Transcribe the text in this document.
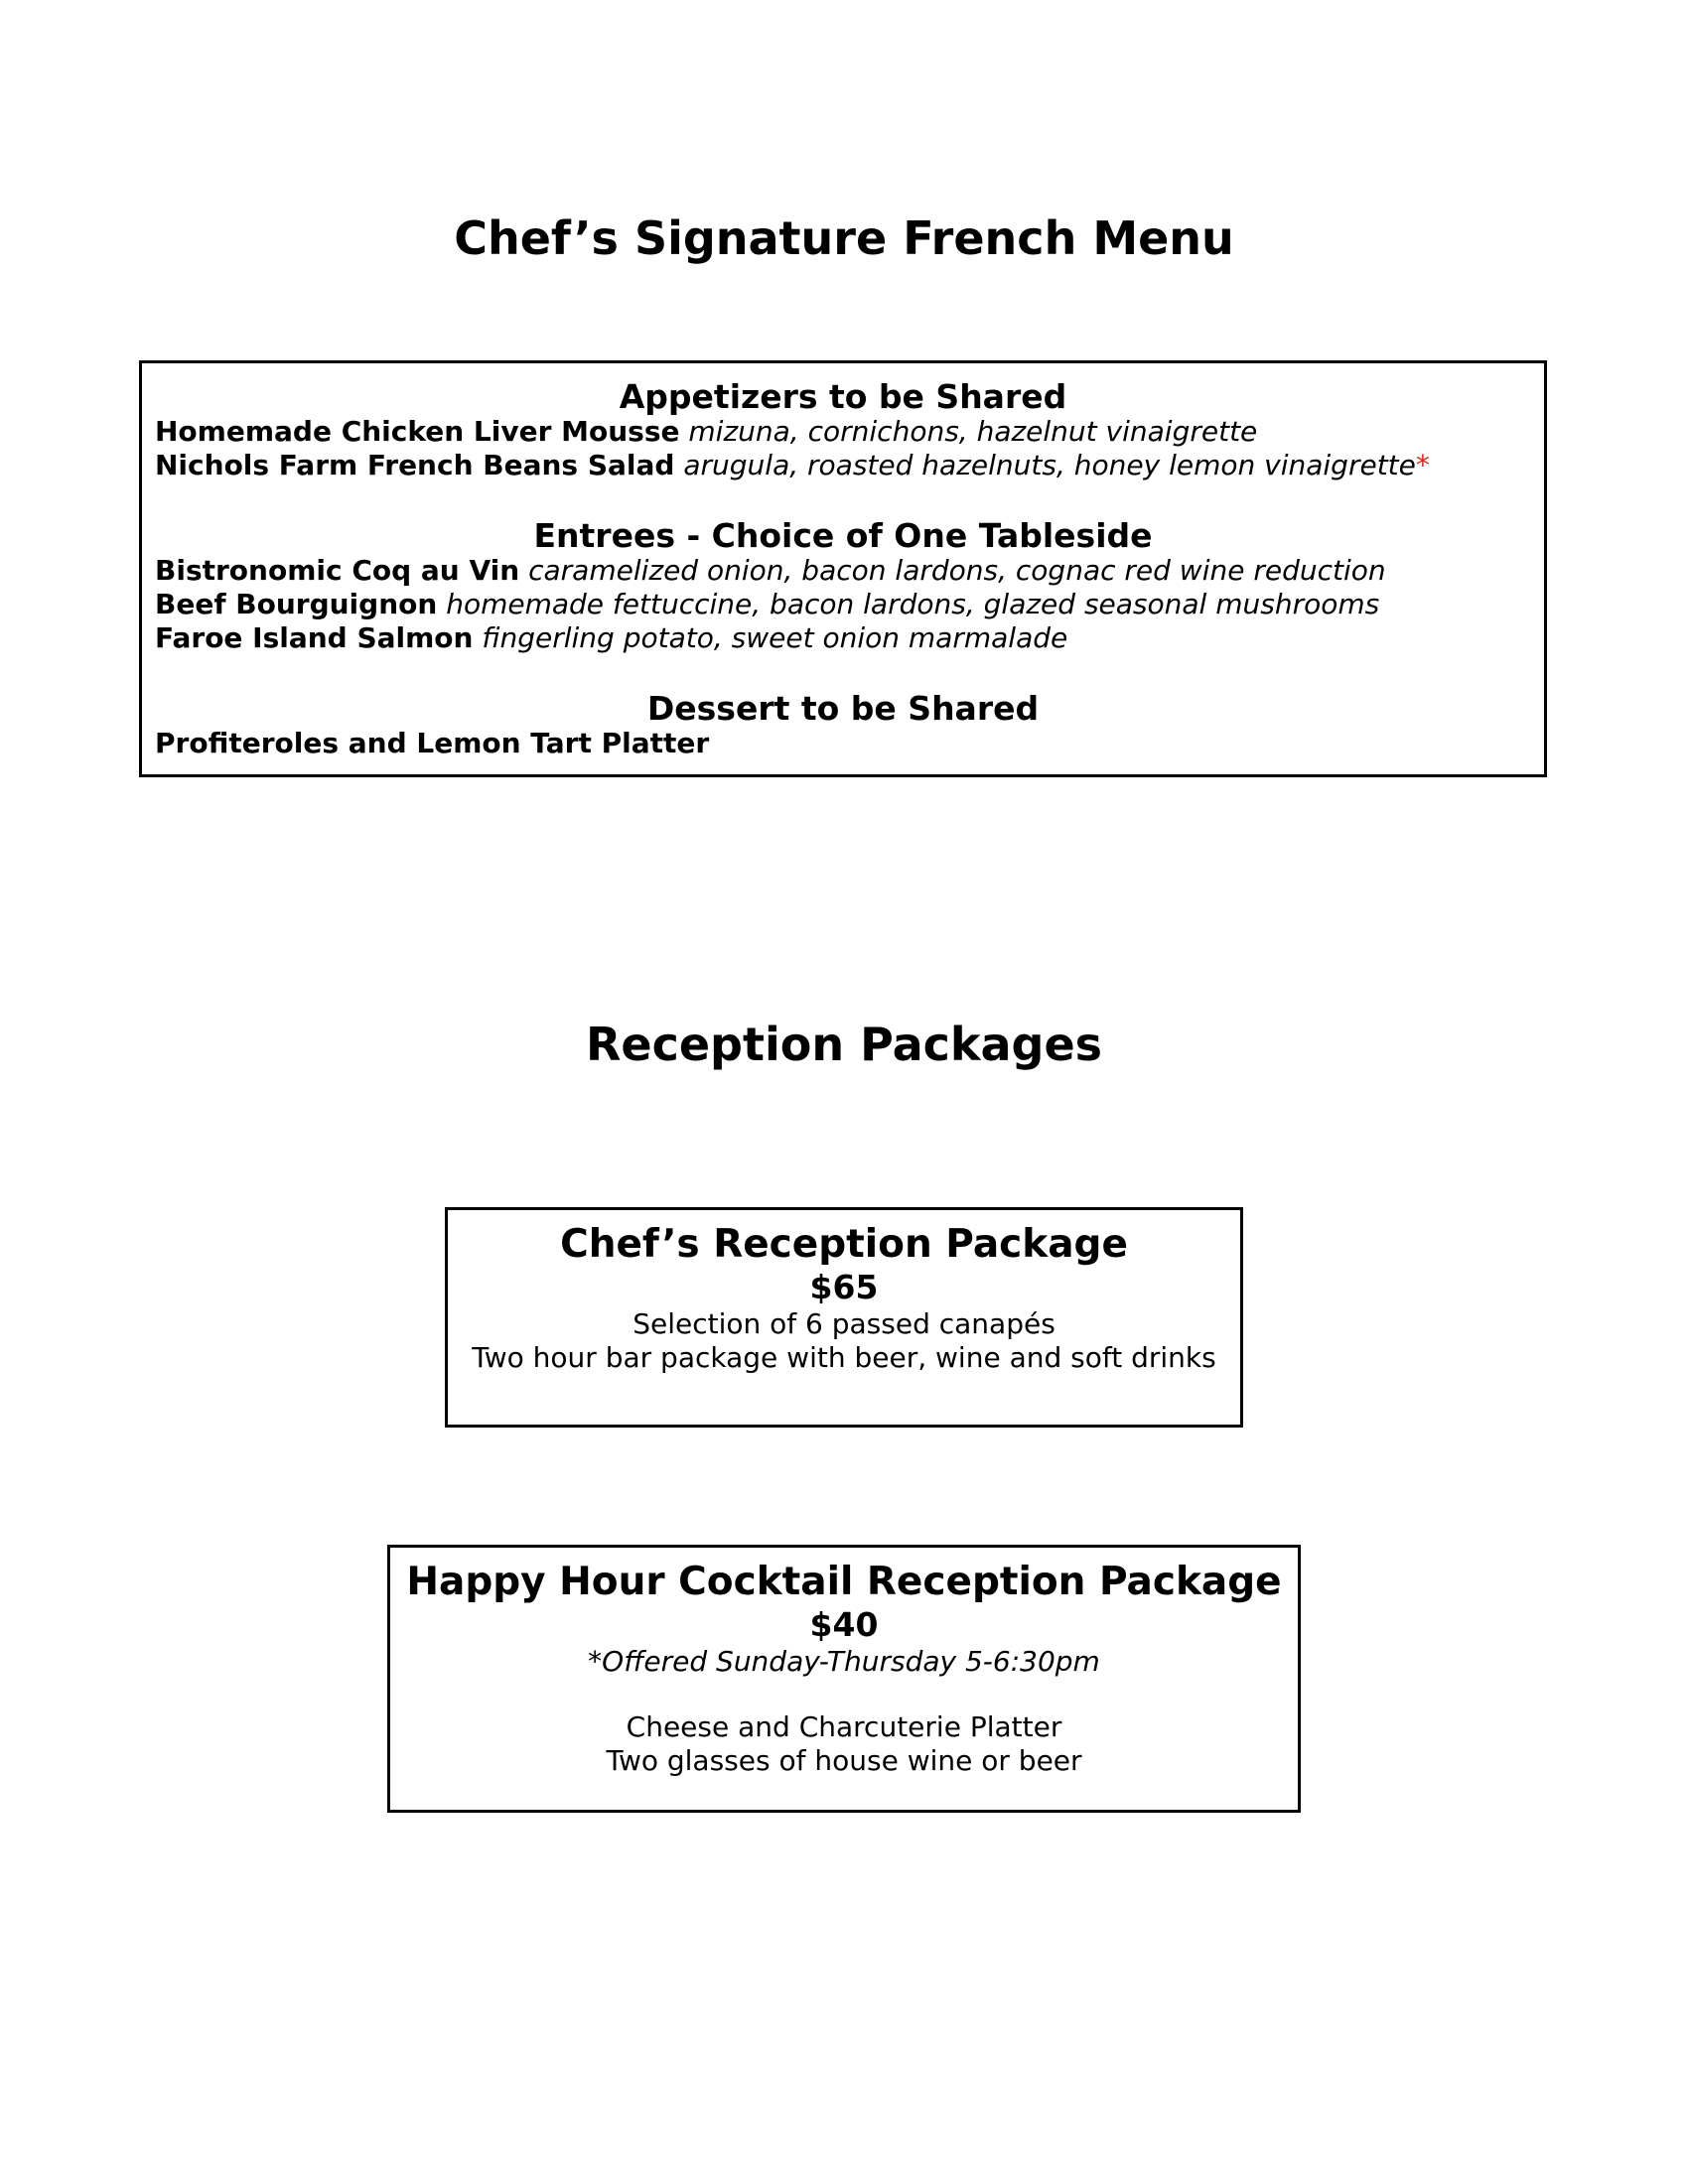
Chef’s Signature French Menu
Appetizers to be Shared
Homemade Chicken Liver Mousse mizuna, cornichons, hazelnut vinaigrette
Nichols Farm French Beans Salad arugula, roasted hazelnuts, honey lemon vinaigrette*
Entrees - Choice of One Tableside
Bistronomic Coq au Vin caramelized onion, bacon lardons, cognac red wine reduction
Beef Bourguignon homemade fettuccine, bacon lardons, glazed seasonal mushrooms
Faroe Island Salmon fingerling potato, sweet onion marmalade
Dessert to be Shared
Profiteroles and Lemon Tart Platter
Reception Packages
Chef’s Reception Package
$65
Selection of 6 passed canapés
Two hour bar package with beer, wine and soft drinks
Happy Hour Cocktail Reception Package
$40
*Offered Sunday-Thursday 5-6:30pm
Cheese and Charcuterie Platter
Two glasses of house wine or beer
